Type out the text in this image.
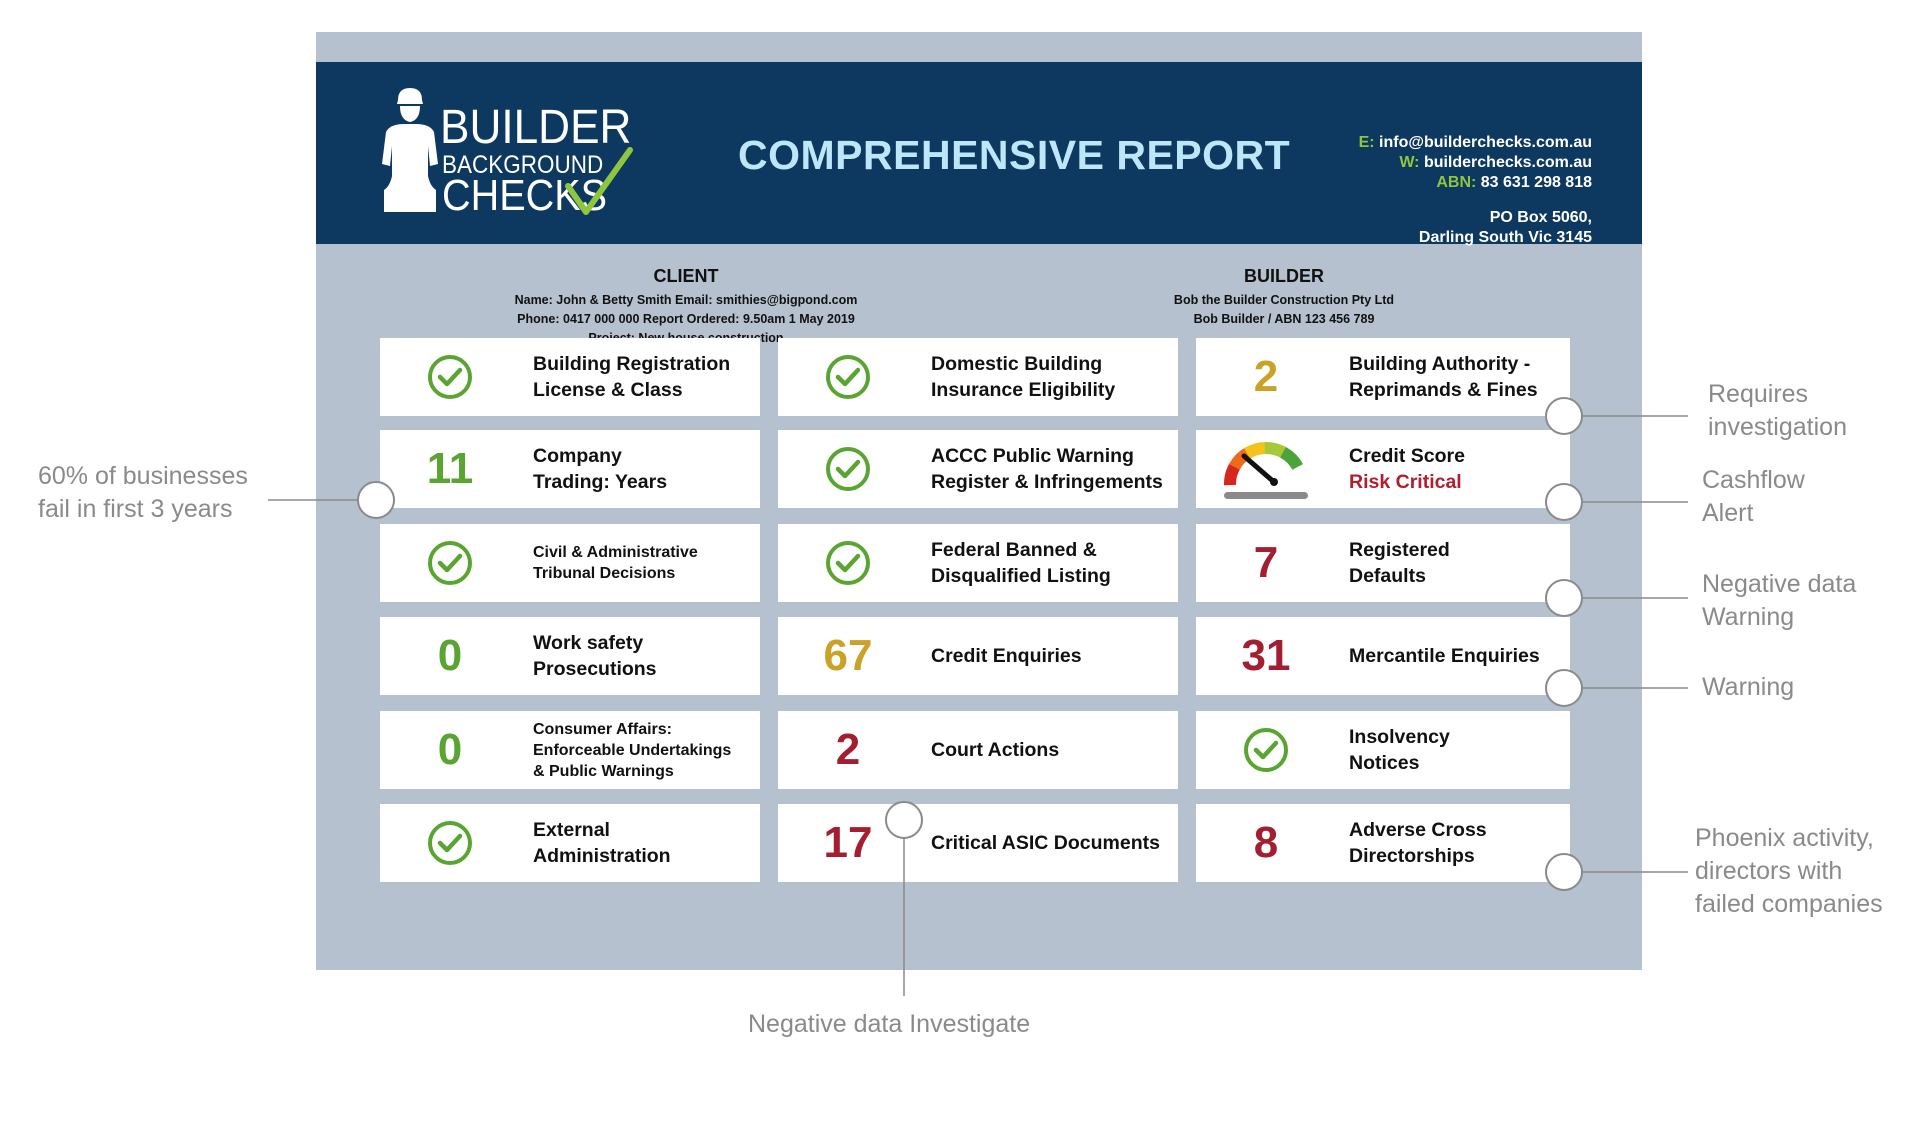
BUILDER
BACKGROUND
CHECKS
COMPREHENSIVE REPORT	E: info@builderchecks.com.au
W: builderchecks.com.au
ABN: 83 631 298 818
PO Box 5060,
Darling South Vic 3145
CLIENT
Name: John & Betty Smith Email: smithies@bigpond.com
Phone: 0417 000 000 Report Ordered: 9.50am 1 May 2019
BUILDER
Bob the Builder Construction Pty Ltd
Bob Builder / ABN 123 456 789
Building Registration
License & Class
11	Company
Trading: Years
Civil & Administrative
Tribunal Decisions
0	Work safety
Prosecutions
0	Consumer Affairs:
Enforceable Undertakings
& Public Warnings
External
Administration
Domestic Building
Insurance Eligibility
ACCC Public Warning
Register & Infringements
Federal Banned &
Disqualified Listing
67	Credit Enquiries
2	Court Actions
17	Critical ASIC Documents
2	Building Authority -
Reprimands & Fines
Credit Score
Risk Critical
7	Registered
Defaults
31	Mercantile Enquiries
Insolvency
Notices
8	Adverse Cross
Directorships
60% of businesses
fail in first 3 years
Requires
investigation
Cashflow
Alert
Negative data
Warning
Warning
Phoenix activity,
directors with
failed companies
Negative data Investigate
